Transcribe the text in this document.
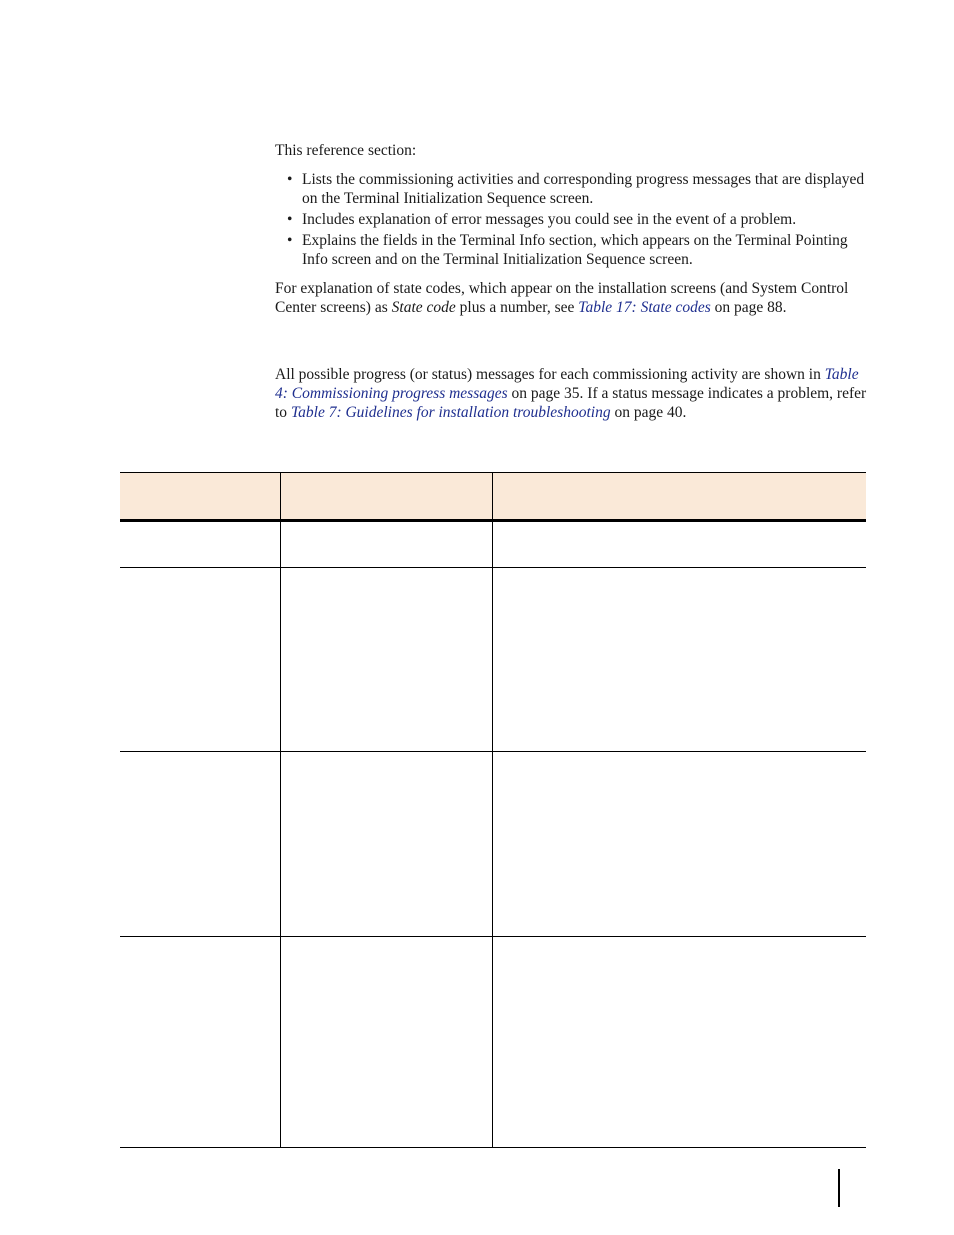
This reference section:
• Lists the commissioning activities and corresponding progress messages that are displayed on the Terminal Initialization Sequence screen.
• Includes explanation of error messages you could see in the event of a problem.
• Explains the fields in the Terminal Info section, which appears on the Terminal Pointing Info screen and on the Terminal Initialization Sequence screen.
For explanation of state codes, which appear on the installation screens (and System Control Center screens) as State code plus a number, see Table 17: State codes on page 88.
All possible progress (or status) messages for each commissioning activity are shown in Table 4: Commissioning progress messages on page 35. If a status message indicates a problem, refer to Table 7: Guidelines for installation troubleshooting on page 40.
